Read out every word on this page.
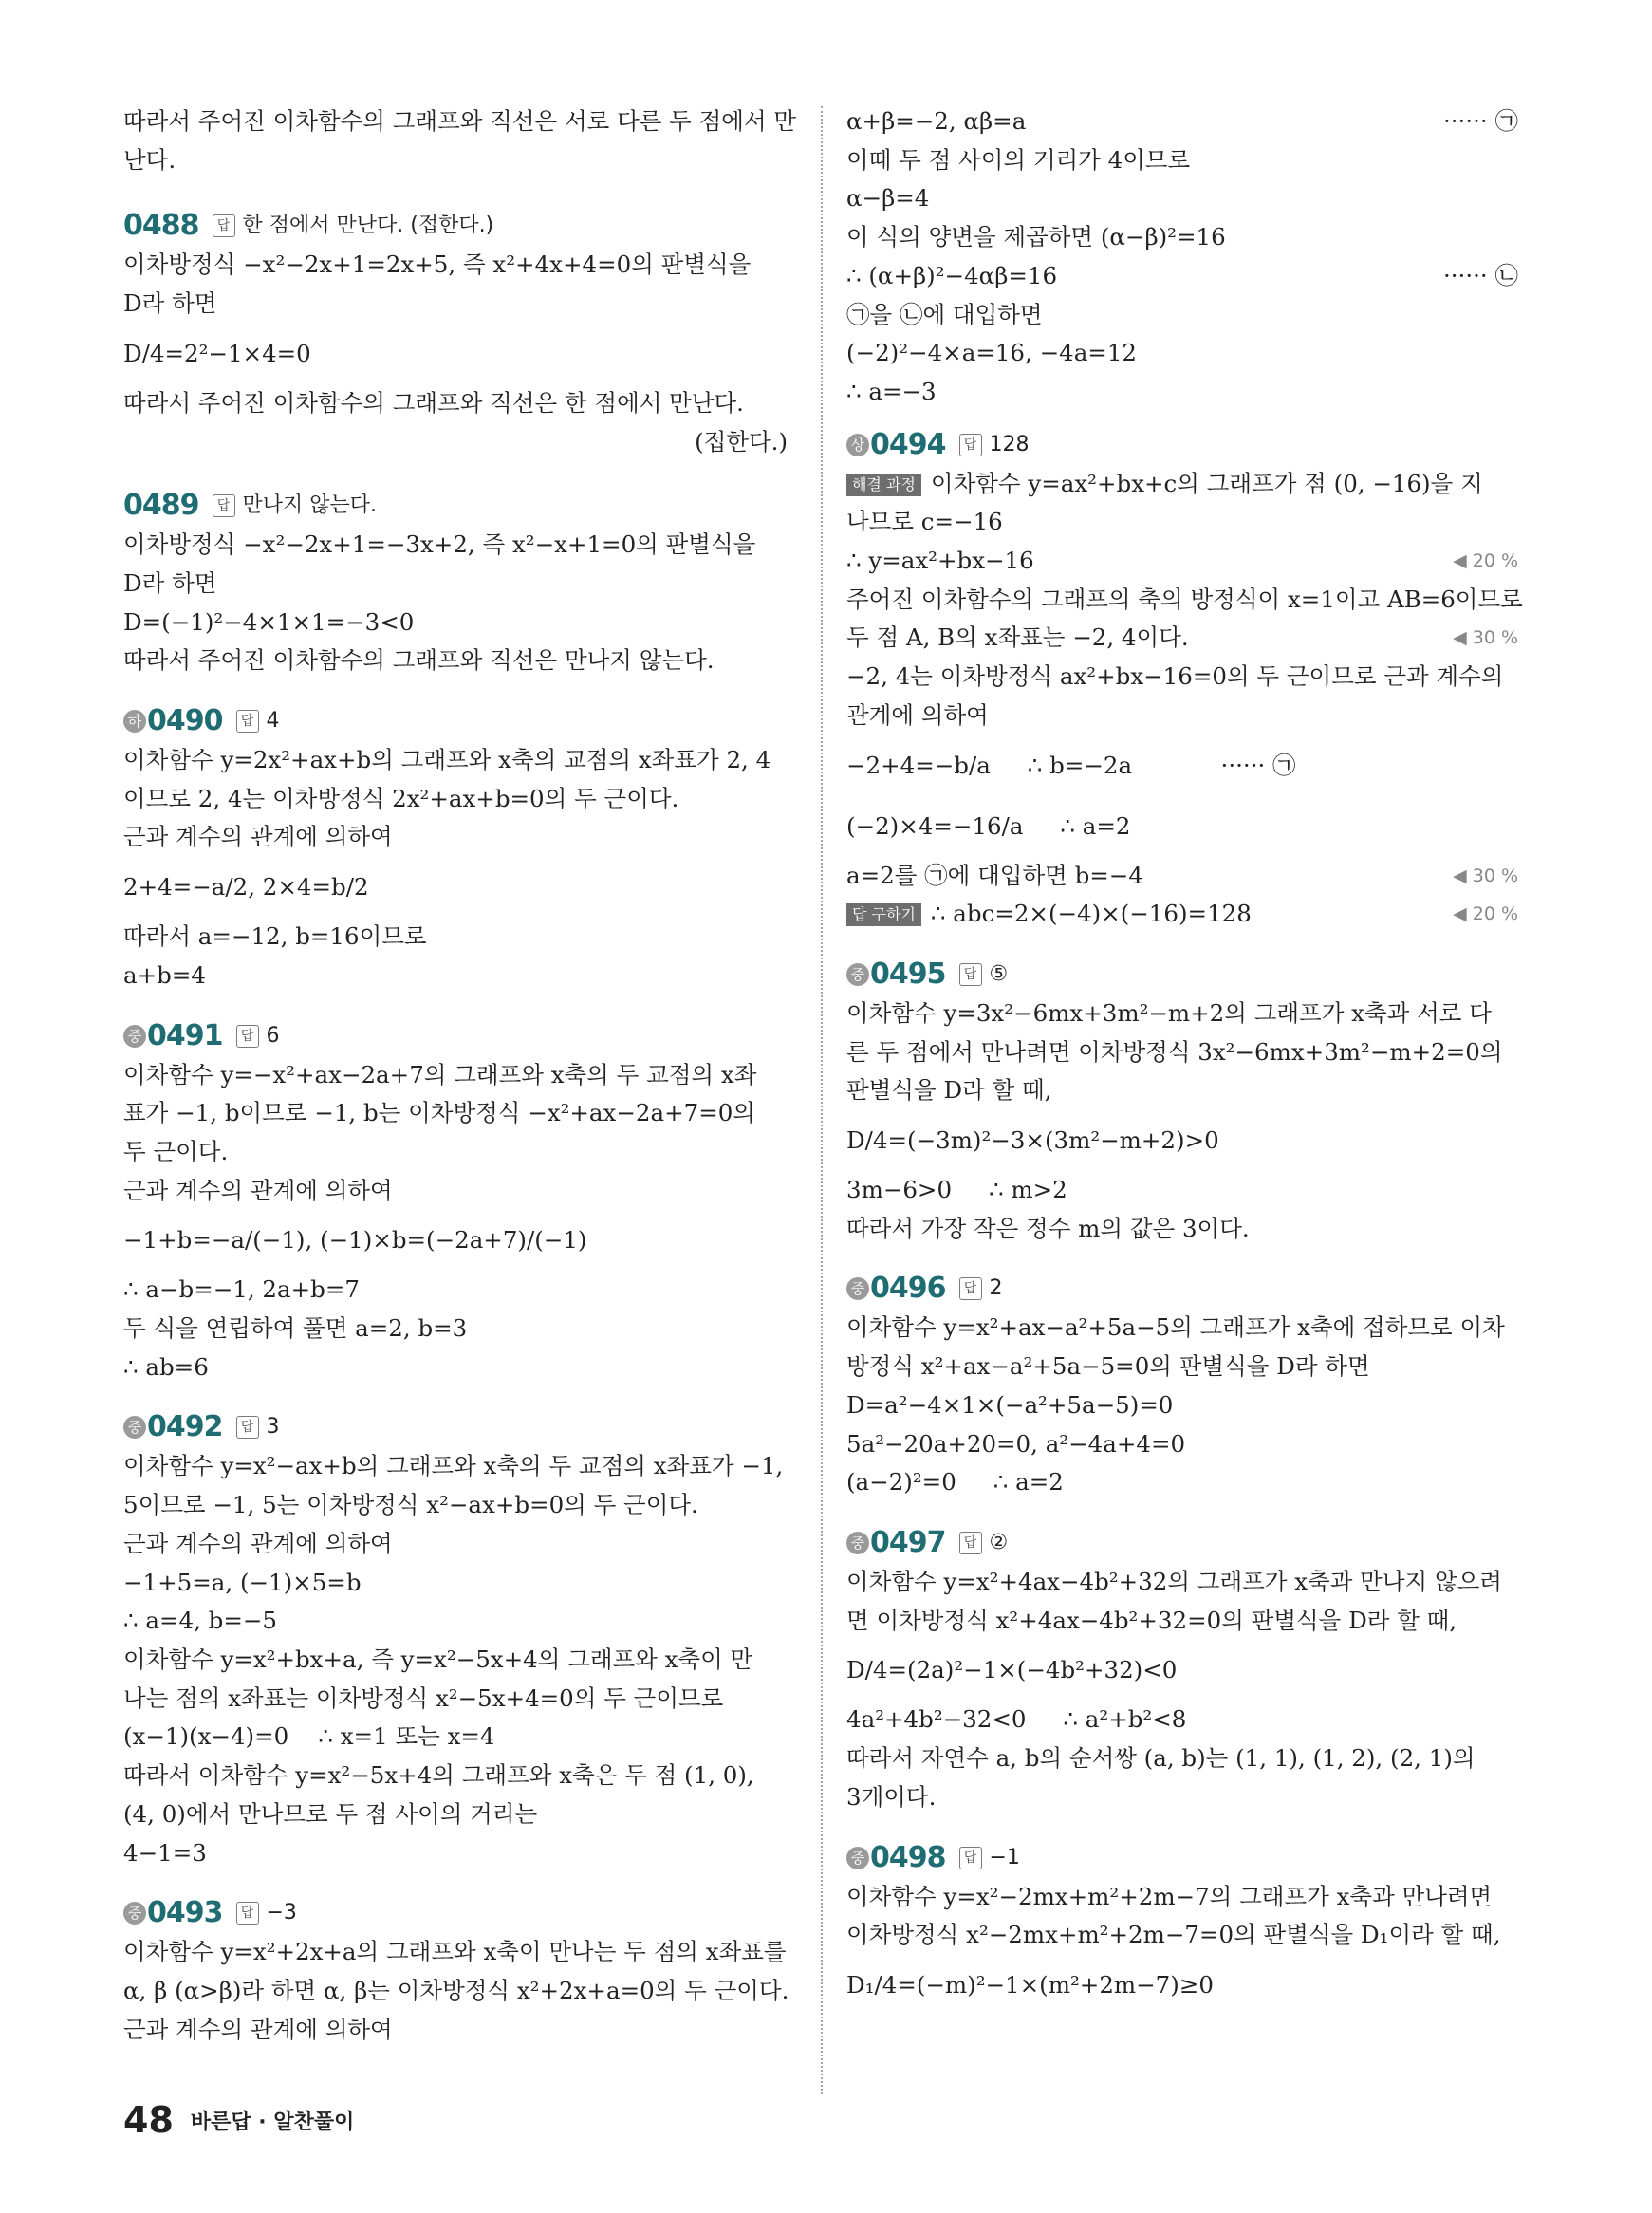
따라서 주어진 이차함수의 그래프와 직선은 서로 다른 두 점에서 만
난다.
0488	답 한 점에서 만난다. (접한다.)
이차방정식 −x²−2x+1=2x+5, 즉 x²+4x+4=0의 판별식을
D라 하면
D/4=2²−1×4=0
따라서 주어진 이차함수의 그래프와 직선은 한 점에서 만난다.
(접한다.)
0489	답 만나지 않는다.
이차방정식 −x²−2x+1=−3x+2, 즉 x²−x+1=0의 판별식을
D라 하면
D=(−1)²−4×1×1=−3<0
따라서 주어진 이차함수의 그래프와 직선은 만나지 않는다.
하 0490	답 4
이차함수 y=2x²+ax+b의 그래프와 x축의 교점의 x좌표가 2, 4
이므로 2, 4는 이차방정식 2x²+ax+b=0의 두 근이다.
근과 계수의 관계에 의하여
2+4=−a/2, 2×4=b/2
따라서 a=−12, b=16이므로
a+b=4
중 0491	답 6
이차함수 y=−x²+ax−2a+7의 그래프와 x축의 두 교점의 x좌
표가 −1, b이므로 −1, b는 이차방정식 −x²+ax−2a+7=0의
두 근이다.
근과 계수의 관계에 의하여
−1+b=−a/(−1), (−1)×b=(−2a+7)/(−1)
∴ a−b=−1, 2a+b=7
두 식을 연립하여 풀면 a=2, b=3
∴ ab=6
중 0492	답 3
이차함수 y=x²−ax+b의 그래프와 x축의 두 교점의 x좌표가 −1,
5이므로 −1, 5는 이차방정식 x²−ax+b=0의 두 근이다.
근과 계수의 관계에 의하여
−1+5=a, (−1)×5=b
∴ a=4, b=−5
이차함수 y=x²+bx+a, 즉 y=x²−5x+4의 그래프와 x축이 만
나는 점의 x좌표는 이차방정식 x²−5x+4=0의 두 근이므로
(x−1)(x−4)=0    ∴ x=1 또는 x=4
따라서 이차함수 y=x²−5x+4의 그래프와 x축은 두 점 (1, 0),
(4, 0)에서 만나므로 두 점 사이의 거리는
4−1=3
중 0493	답 −3
이차함수 y=x²+2x+a의 그래프와 x축이 만나는 두 점의 x좌표를
α, β (α>β)라 하면 α, β는 이차방정식 x²+2x+a=0의 두 근이다.
근과 계수의 관계에 의하여
α+β=−2, αβ=a	······ ㉠
이때 두 점 사이의 거리가 4이므로
α−β=4
이 식의 양변을 제곱하면 (α−β)²=16
∴ (α+β)²−4αβ=16	······ ㉡
㉠을 ㉡에 대입하면
(−2)²−4×a=16, −4a=12
∴ a=−3
상 0494	답 128
해결 과정 이차함수 y=ax²+bx+c의 그래프가 점 (0, −16)을 지
나므로 c=−16
∴ y=ax²+bx−16	◀ 20 %
주어진 이차함수의 그래프의 축의 방정식이 x=1이고 AB=6이므로
두 점 A, B의 x좌표는 −2, 4이다.	◀ 30 %
−2, 4는 이차방정식 ax²+bx−16=0의 두 근이므로 근과 계수의
관계에 의하여
−2+4=−b/a     ∴ b=−2a            ······ ㉠
(−2)×4=−16/a     ∴ a=2
a=2를 ㉠에 대입하면 b=−4	◀ 30 %
답 구하기 ∴ abc=2×(−4)×(−16)=128	◀ 20 %
중 0495	답 ⑤
이차함수 y=3x²−6mx+3m²−m+2의 그래프가 x축과 서로 다
른 두 점에서 만나려면 이차방정식 3x²−6mx+3m²−m+2=0의
판별식을 D라 할 때,
D/4=(−3m)²−3×(3m²−m+2)>0
3m−6>0     ∴ m>2
따라서 가장 작은 정수 m의 값은 3이다.
중 0496	답 2
이차함수 y=x²+ax−a²+5a−5의 그래프가 x축에 접하므로 이차
방정식 x²+ax−a²+5a−5=0의 판별식을 D라 하면
D=a²−4×1×(−a²+5a−5)=0
5a²−20a+20=0, a²−4a+4=0
(a−2)²=0     ∴ a=2
중 0497	답 ②
이차함수 y=x²+4ax−4b²+32의 그래프가 x축과 만나지 않으려
면 이차방정식 x²+4ax−4b²+32=0의 판별식을 D라 할 때,
D/4=(2a)²−1×(−4b²+32)<0
4a²+4b²−32<0     ∴ a²+b²<8
따라서 자연수 a, b의 순서쌍 (a, b)는 (1, 1), (1, 2), (2, 1)의
3개이다.
중 0498	답 −1
이차함수 y=x²−2mx+m²+2m−7의 그래프가 x축과 만나려면
이차방정식 x²−2mx+m²+2m−7=0의 판별식을 D₁이라 할 때,
D₁/4=(−m)²−1×(m²+2m−7)≥0
48 바른답 · 알찬풀이
